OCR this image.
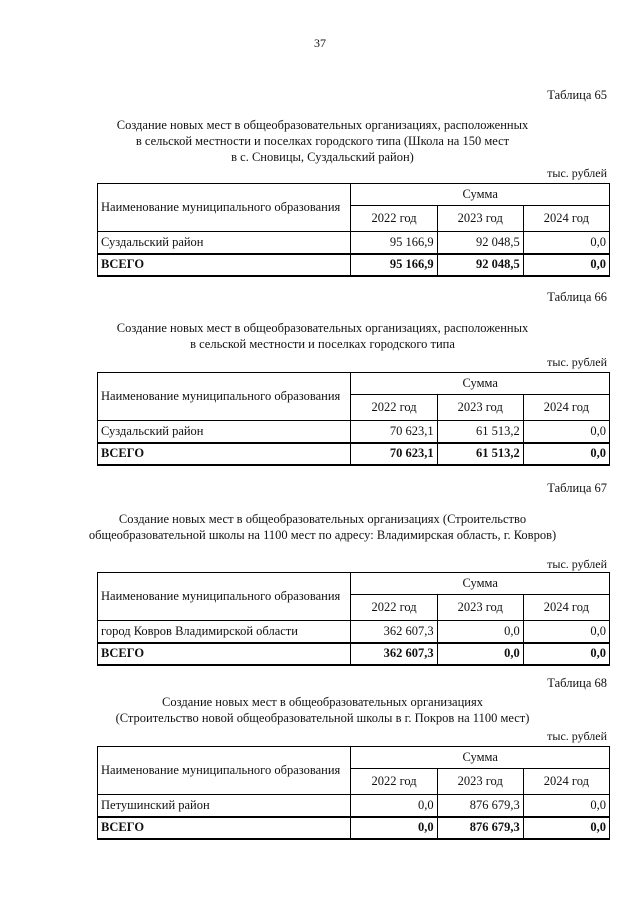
37
Таблица 65
Создание новых мест в общеобразовательных организациях, расположенных
в сельской местности и поселках городского типа (Школа на 150 мест
в с. Сновицы, Суздальский район)
тыс. рублей
Наименование муниципального образования	Сумма		
	2022 год	2023 год	2024 год
Суздальский район	95 166,9	92 048,5	0,0
ВСЕГО	95 166,9	92 048,5	0,0
Таблица 66
Создание новых мест в общеобразовательных организациях, расположенных
в сельской местности и поселках городского типа
тыс. рублей
Наименование муниципального образования	Сумма		
	2022 год	2023 год	2024 год
Суздальский район	70 623,1	61 513,2	0,0
ВСЕГО	70 623,1	61 513,2	0,0
Таблица 67
Создание новых мест в общеобразовательных организациях (Строительство
общеобразовательной школы на 1100 мест по адресу: Владимирская область, г. Ковров)
тыс. рублей
Наименование муниципального образования	Сумма		
	2022 год	2023 год	2024 год
город Ковров Владимирской области	362 607,3	0,0	0,0
ВСЕГО	362 607,3	0,0	0,0
Таблица 68
Создание новых мест в общеобразовательных организациях
(Строительство новой общеобразовательной школы в г. Покров на 1100 мест)
тыс. рублей
Наименование муниципального образования	Сумма		
	2022 год	2023 год	2024 год
Петушинский район	0,0	876 679,3	0,0
ВСЕГО	0,0	876 679,3	0,0
